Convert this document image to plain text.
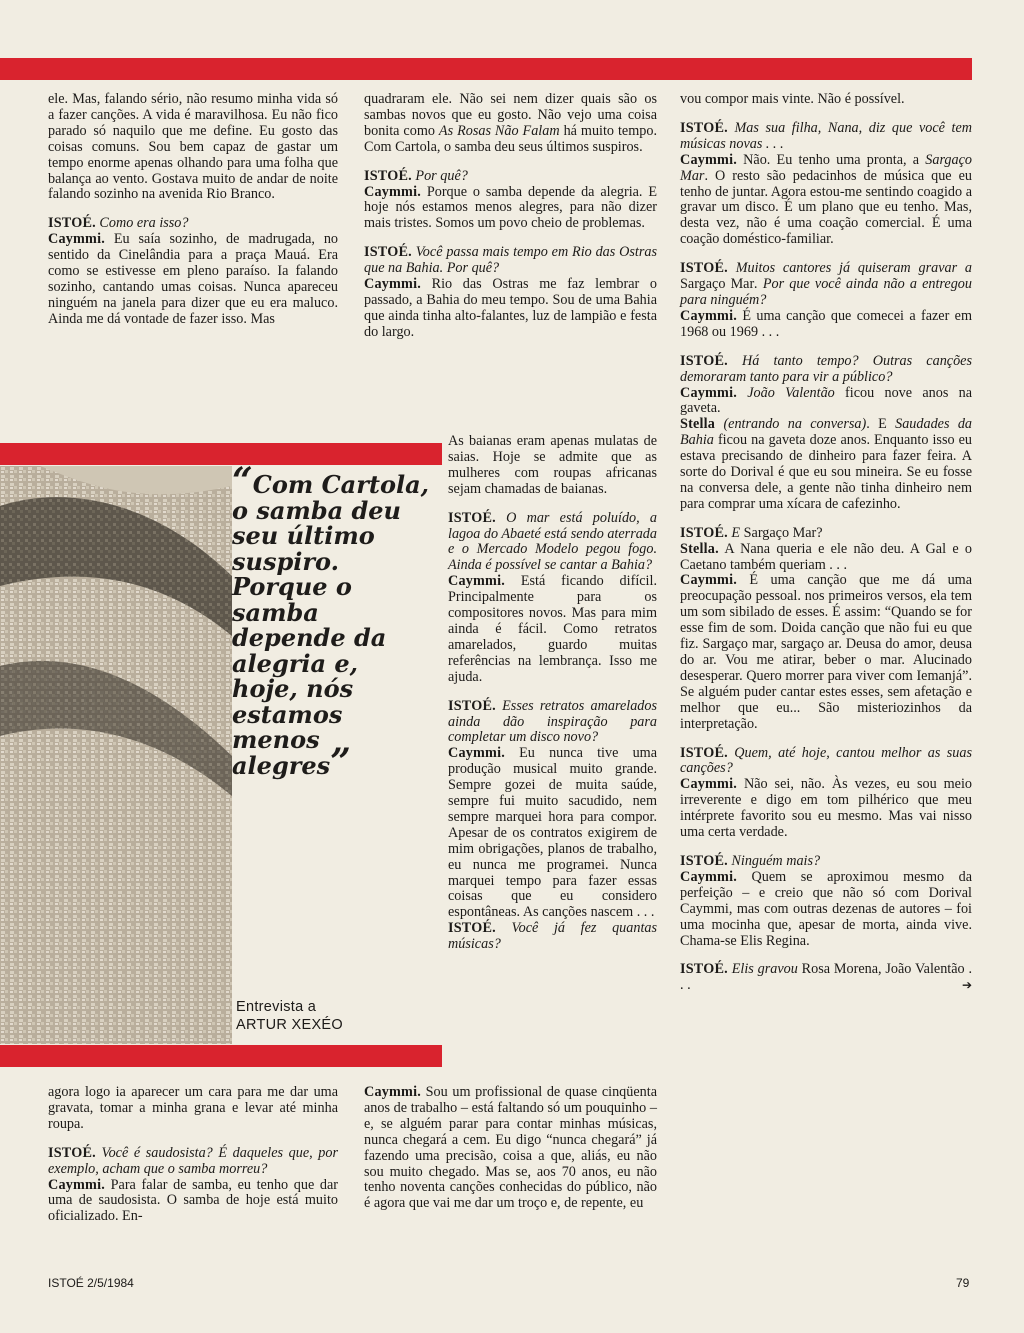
“Com Cartola, o samba deu seu último suspiro. Porque o samba depende da alegria e, hoje, nós estamos menos alegres”
Entrevista a
ARTUR XEXÉO

ele. Mas, falando sério, não resumo minha vida só a fazer canções. A vida é maravilhosa. Eu não fico parado só naquilo que me define. Eu gosto das coisas comuns. Sou bem capaz de gastar um tempo enorme apenas olhando para uma folha que balança ao vento. Gostava muito de andar de noite falando sozinho na avenida Rio Branco.

ISTOÉ. Como era isso?
Caymmi. Eu saía sozinho, de madrugada, no sentido da Cinelândia para a praça Mauá. Era como se estivesse em pleno paraíso. Ia falando sozinho, cantando umas coisas. Nunca apareceu ninguém na janela para dizer que eu era maluco. Ainda me dá vontade de fazer isso. Mas

agora logo ia aparecer um cara para me dar uma gravata, tomar a minha grana e levar até minha roupa.

ISTOÉ. Você é saudosista? É daqueles que, por exemplo, acham que o samba morreu?
Caymmi. Para falar de samba, eu tenho que dar uma de saudosista. O samba de hoje está muito oficializado. En-

quadraram ele. Não sei nem dizer quais são os sambas novos que eu gosto. Não vejo uma coisa bonita como As Rosas Não Falam há muito tempo. Com Cartola, o samba deu seus últimos suspiros.

ISTOÉ. Por quê?
Caymmi. Porque o samba depende da alegria. E hoje nós estamos menos alegres, para não dizer mais tristes. Somos um povo cheio de problemas.

ISTOÉ. Você passa mais tempo em Rio das Ostras que na Bahia. Por quê?
Caymmi. Rio das Ostras me faz lembrar o passado, a Bahia do meu tempo. Sou de uma Bahia que ainda tinha alto-falantes, luz de lampião e festa do largo.

As baianas eram apenas mulatas de saias. Hoje se admite que as mulheres com roupas africanas sejam chamadas de baianas.

ISTOÉ. O mar está poluído, a lagoa do Abaeté está sendo aterrada e o Mercado Modelo pegou fogo. Ainda é possível se cantar a Bahia?
Caymmi. Está ficando difícil. Principalmente para os compositores novos. Mas para mim ainda é fácil. Como retratos amarelados, guardo muitas referências na lembrança. Isso me ajuda.

ISTOÉ. Esses retratos amarelados ainda dão inspiração para completar um disco novo?
Caymmi. Eu nunca tive uma produção musical muito grande. Sempre gozei de muita saúde, sempre fui muito sacudido, nem sempre marquei hora para compor. Apesar de os contratos exigirem de mim obrigações, planos de trabalho, eu nunca me programei. Nunca marquei tempo para fazer essas coisas que eu considero espontâneas. As canções nascem . . .
ISTOÉ. Você já fez quantas músicas?

Caymmi. Sou um profissional de quase cinqüenta anos de trabalho – está faltando só um pouquinho – e, se alguém parar para contar minhas músicas, nunca chegará a cem. Eu digo “nunca chegará” já fazendo uma precisão, coisa a que, aliás, eu não sou muito chegado. Mas se, aos 70 anos, eu não tenho noventa canções conhecidas do público, não é agora que vai me dar um troço e, de repente, eu

vou compor mais vinte. Não é possível.

ISTOÉ. Mas sua filha, Nana, diz que você tem músicas novas . . .
Caymmi. Não. Eu tenho uma pronta, a Sargaço Mar. O resto são pedacinhos de música que eu tenho de juntar. Agora estou-me sentindo coagido a gravar um disco. É um plano que eu tenho. Mas, desta vez, não é uma coação comercial. É uma coação doméstico-familiar.

ISTOÉ. Muitos cantores já quiseram gravar a Sargaço Mar. Por que você ainda não a entregou para ninguém?
Caymmi. É uma canção que comecei a fazer em 1968 ou 1969 . . .

ISTOÉ. Há tanto tempo? Outras canções demoraram tanto para vir a público?
Caymmi. João Valentão ficou nove anos na gaveta.
Stella (entrando na conversa). E Saudades da Bahia ficou na gaveta doze anos. Enquanto isso eu estava precisando de dinheiro para fazer feira. A sorte do Dorival é que eu sou mineira. Se eu fosse na conversa dele, a gente não tinha dinheiro nem para comprar uma xícara de cafezinho.

ISTOÉ. E Sargaço Mar?
Stella. A Nana queria e ele não deu. A Gal e o Caetano também queriam . . .
Caymmi. É uma canção que me dá uma preocupação pessoal. nos primeiros versos, ela tem um som sibilado de esses. É assim: “Quando se for esse fim de som. Doida canção que não fui eu que fiz. Sargaço mar, sargaço ar. Deusa do amor, deusa do ar. Vou me atirar, beber o mar. Alucinado desesperar. Quero morrer para viver com Iemanjá”. Se alguém puder cantar estes esses, sem afetação e melhor que eu... São misteriozinhos da interpretação.

ISTOÉ. Quem, até hoje, cantou melhor as suas canções?
Caymmi. Não sei, não. Às vezes, eu sou meio irreverente e digo em tom pilhérico que meu intérprete favorito sou eu mesmo. Mas vai nisso uma certa verdade.

ISTOÉ. Ninguém mais?
Caymmi. Quem se aproximou mesmo da perfeição – e creio que não só com Dorival Caymmi, mas com outras dezenas de autores – foi uma mocinha que, apesar de morta, ainda vive. Chama-se Elis Regina.

ISTOÉ. Elis gravou Rosa Morena, João Valentão . . .	➔

ISTOÉ 2/5/1984	79
